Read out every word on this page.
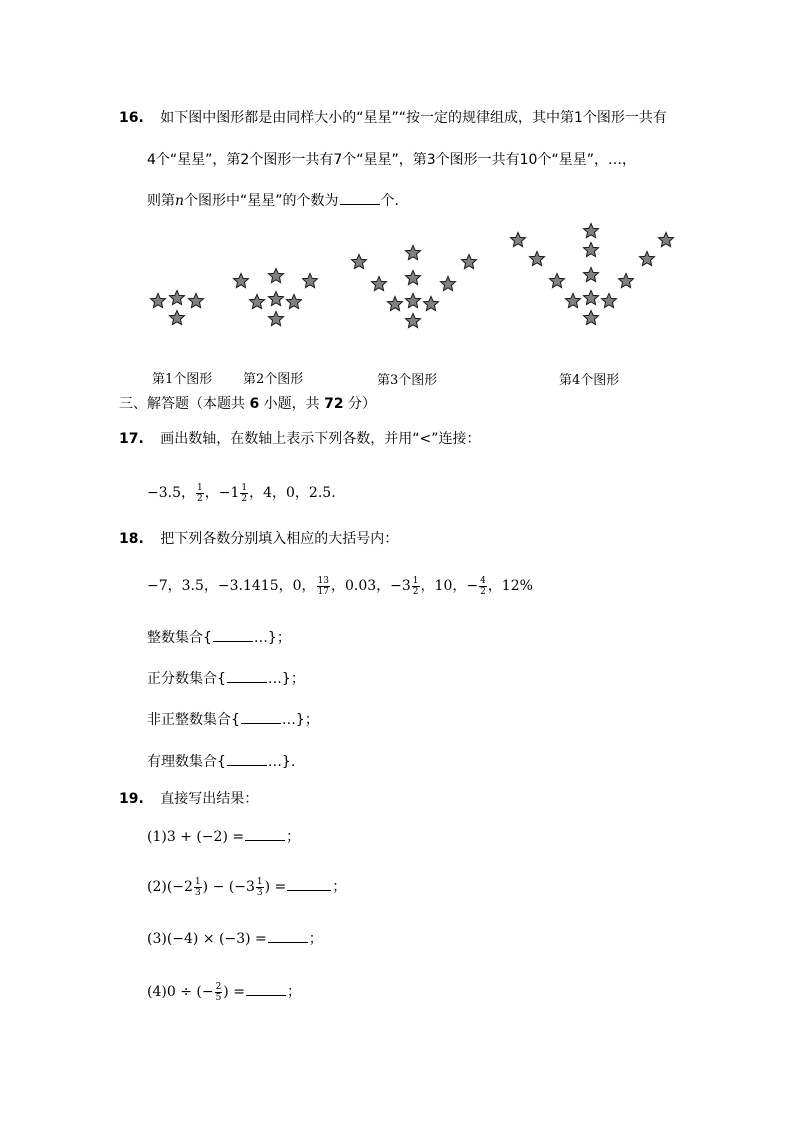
16. 如下图中图形都是由同样大小的“星星”“按一定的规律组成，其中第1个图形一共有
4个“星星”，第2个图形一共有7个“星星”，第3个图形一共有10个“星星”，…，
则第n个图形中“星星”的个数为	个．
第1个图形 第2个图形	第3个图形	第4个图形
三、解答题（本题共 6 小题，共 72 分）
17. 画出数轴，在数轴上表示下列各数，并用“<”连接：
−3.5， $\frac{1}{2}$ ，$-1 \frac{1}{2}$ ，4，0，2.5.
18. 把下列各数分别填入相应的大括号内：
−7，3.5，−3.1415，0， $\frac{13}{17}$ ，0.03，$-3 \frac{1}{2}$ ，10，− $\frac{4}{2}$ ，12%
整数集合{	…}；
正分数集合{	…}；
非正整数集合{	…}；
有理数集合{	…}.
19. 直接写出结果：
(1)3 + (−2) =	；
$(2)(-2 \frac{1}{3}$ ) − ($-3 \frac{1}{3}$ ) =	；
(3)(−4) × (−3) =	；
(4)0 ÷ (− $\frac{2}{5}$ ) =	；
